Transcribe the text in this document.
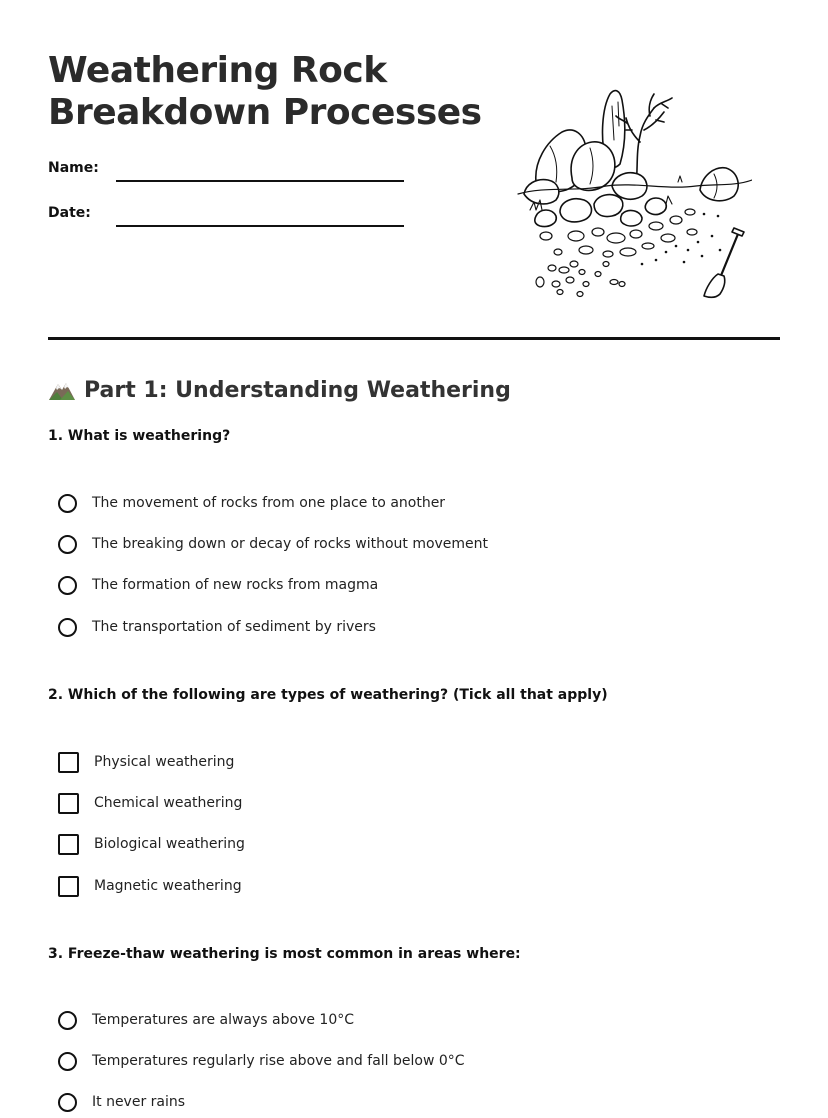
Weathering Rock
Breakdown Processes
Name:
Date:
Part 1: Understanding Weathering

1. What is weathering?

The movement of rocks from one place to another
The breaking down or decay of rocks without movement
The formation of new rocks from magma
The transportation of sediment by rivers

2. Which of the following are types of weathering? (Tick all that apply)

Physical weathering
Chemical weathering
Biological weathering
Magnetic weathering

3. Freeze-thaw weathering is most common in areas where:

Temperatures are always above 10°C
Temperatures regularly rise above and fall below 0°C
It never rains
